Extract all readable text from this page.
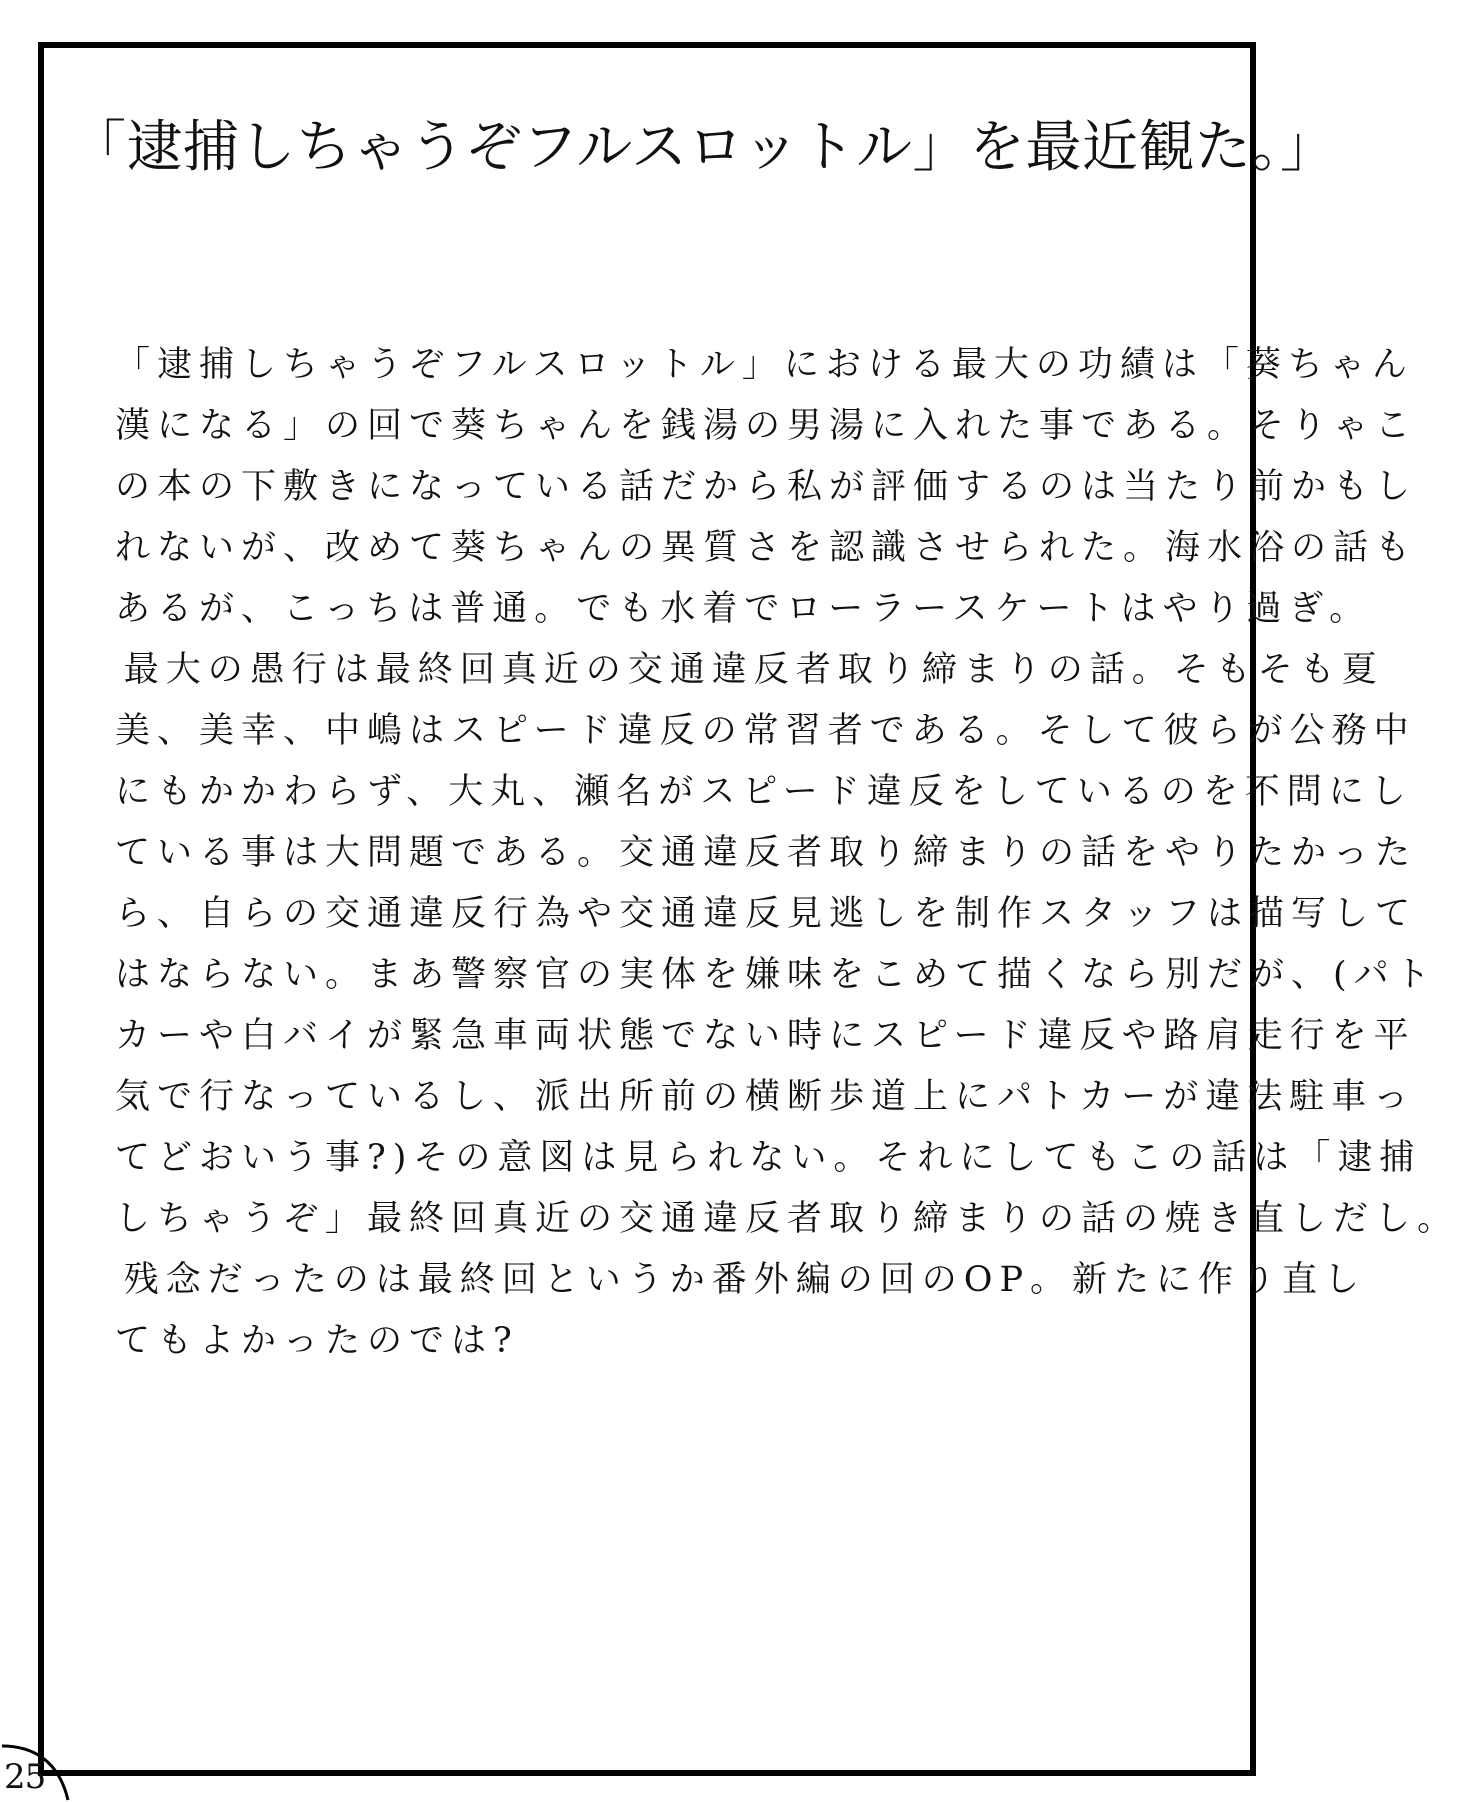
「逮捕しちゃうぞフルスロットル」を最近観た。」
「逮捕しちゃうぞフルスロットル」における最大の功績は「葵ちゃん
漢になる」の回で葵ちゃんを銭湯の男湯に入れた事である。そりゃこ
の本の下敷きになっている話だから私が評価するのは当たり前かもし
れないが、改めて葵ちゃんの異質さを認識させられた。海水浴の話も
あるが、こっちは普通。でも水着でローラースケートはやり過ぎ。
最大の愚行は最終回真近の交通違反者取り締まりの話。そもそも夏
美、美幸、中嶋はスピード違反の常習者である。そして彼らが公務中
にもかかわらず、大丸、瀬名がスピード違反をしているのを不問にし
ている事は大問題である。交通違反者取り締まりの話をやりたかった
ら、自らの交通違反行為や交通違反見逃しを制作スタッフは描写して
はならない。まあ警察官の実体を嫌味をこめて描くなら別だが、(パト
カーや白バイが緊急車両状態でない時にスピード違反や路肩走行を平
気で行なっているし、派出所前の横断歩道上にパトカーが違法駐車っ
てどおいう事?)その意図は見られない。それにしてもこの話は「逮捕
しちゃうぞ」最終回真近の交通違反者取り締まりの話の焼き直しだし。
残念だったのは最終回というか番外編の回のOP。新たに作り直し
てもよかったのでは?
25
